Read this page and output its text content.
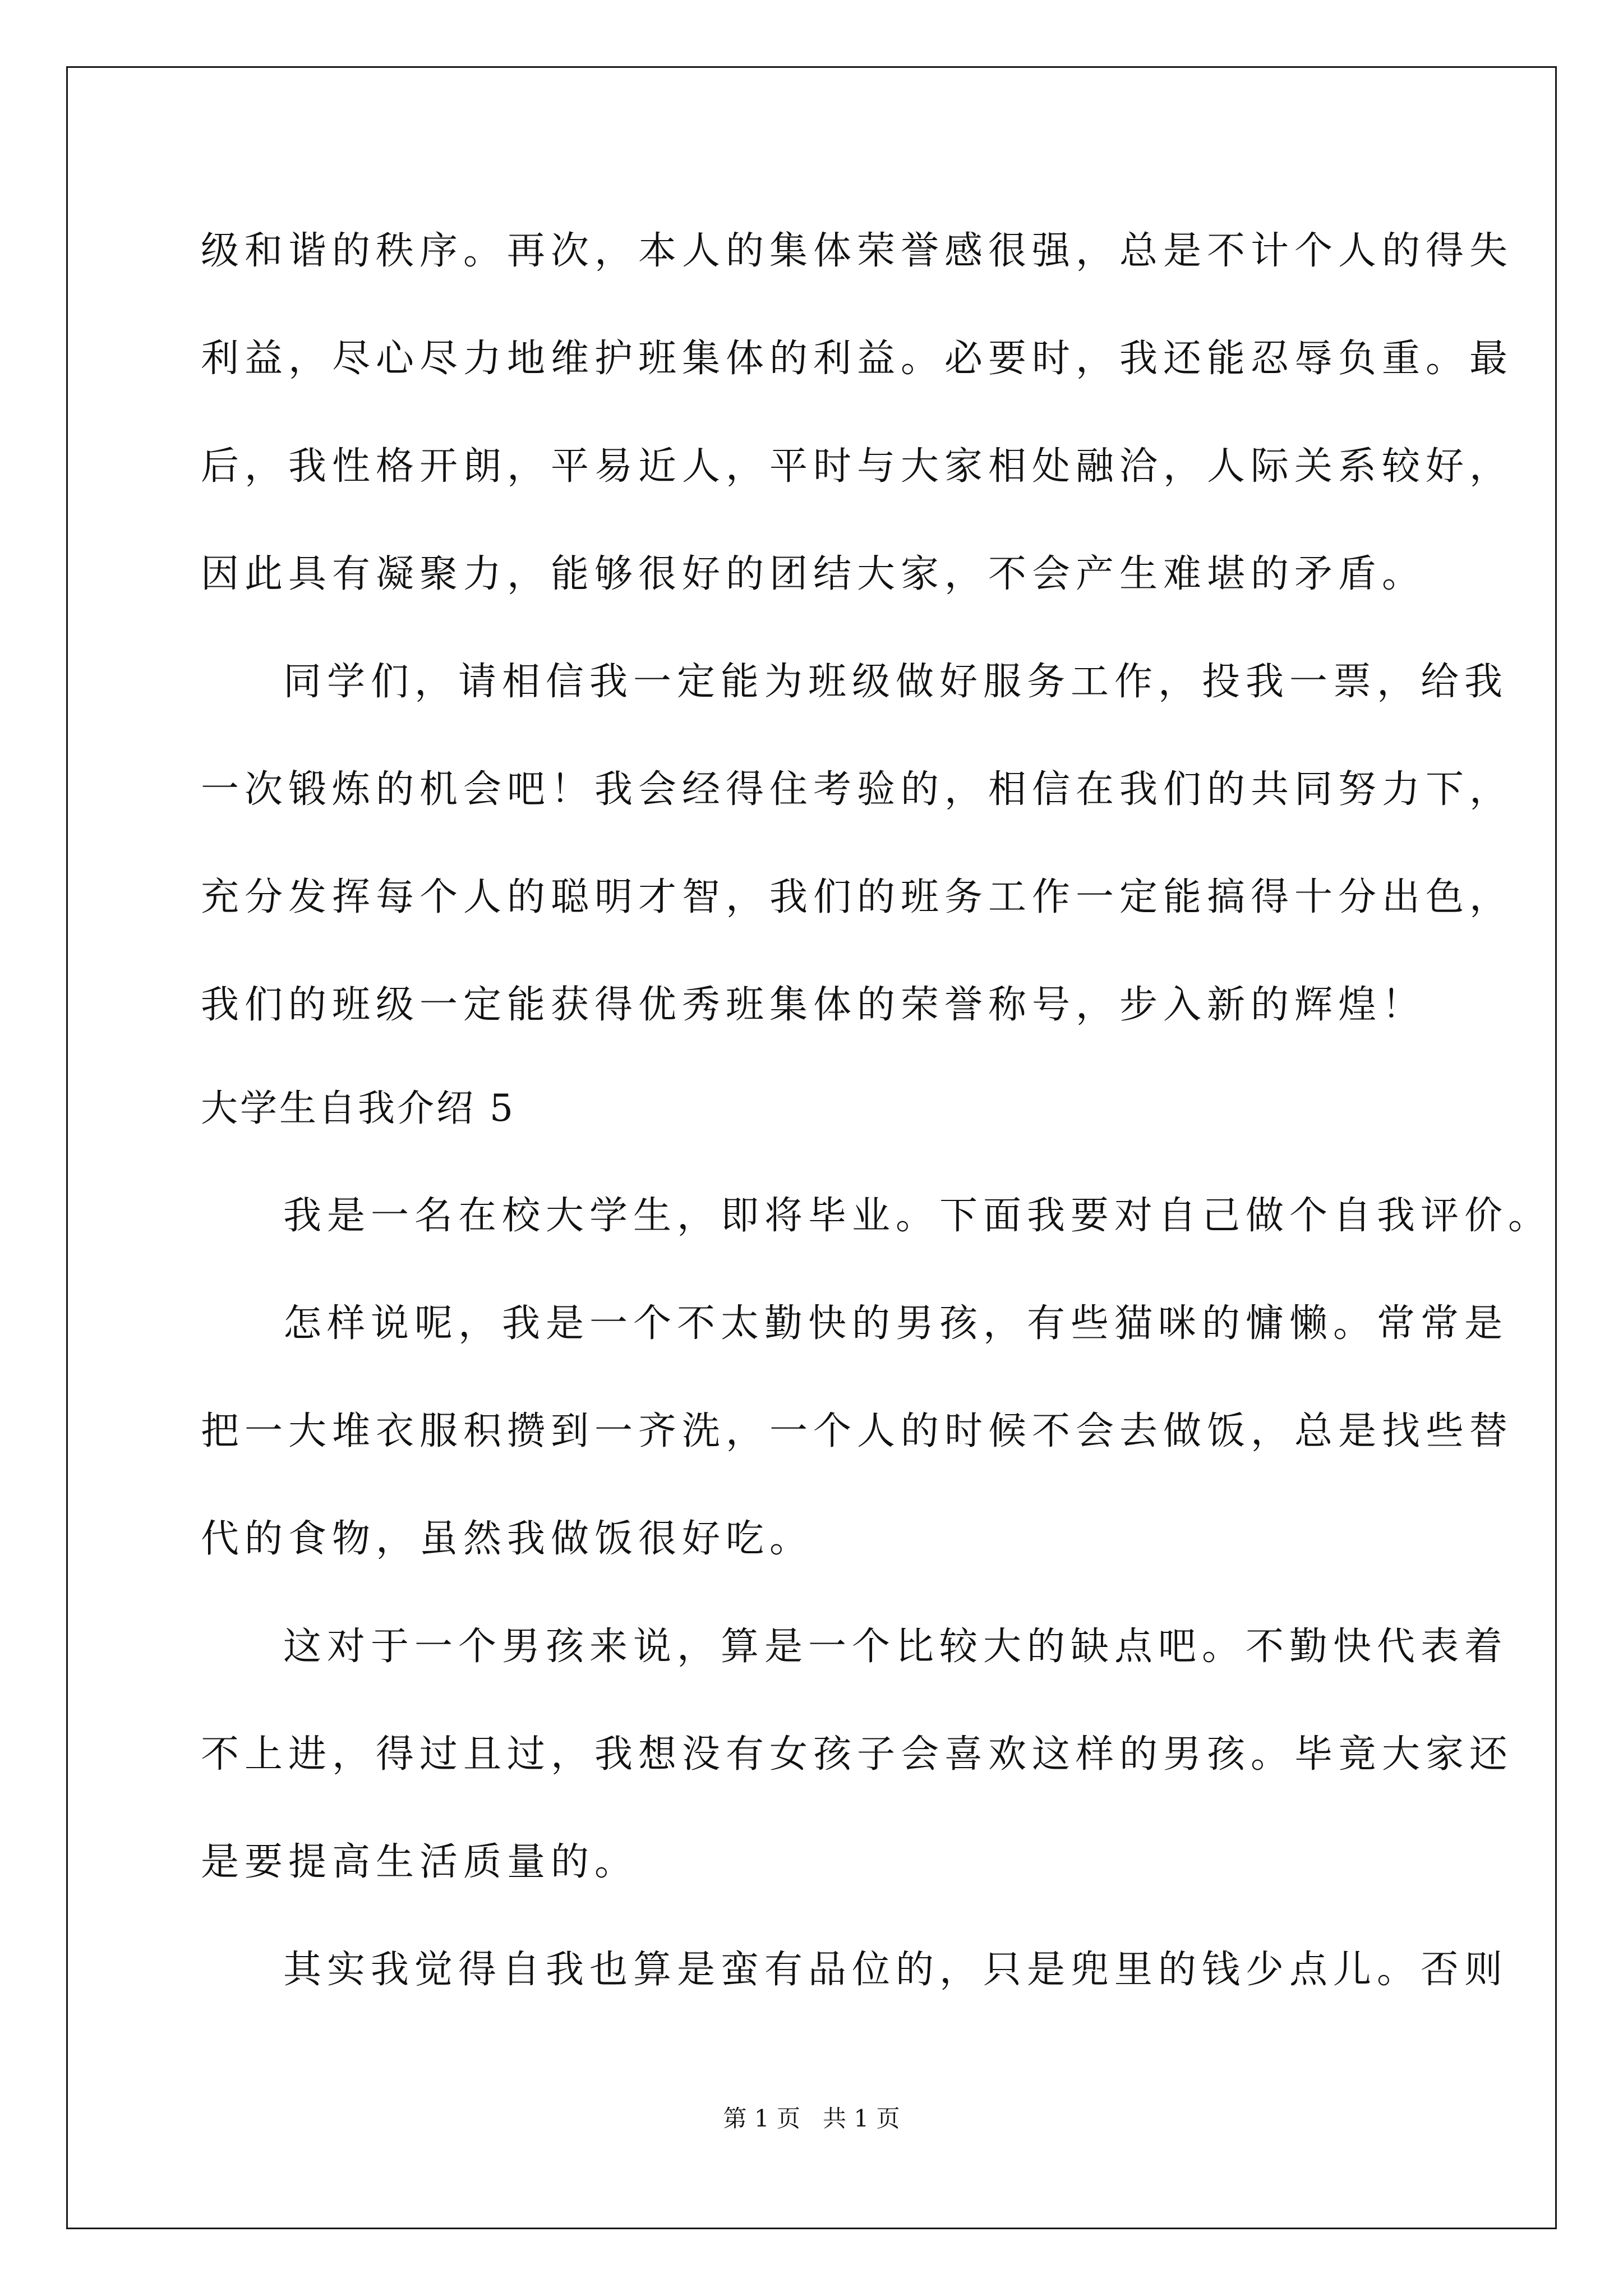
级和谐的秩序。再次，本人的集体荣誉感很强，总是不计个人的得失
利益，尽心尽力地维护班集体的利益。必要时，我还能忍辱负重。最
后，我性格开朗，平易近人，平时与大家相处融洽，人际关系较好，
因此具有凝聚力，能够很好的团结大家，不会产生难堪的矛盾。
同学们，请相信我一定能为班级做好服务工作，投我一票，给我
一次锻炼的机会吧！我会经得住考验的，相信在我们的共同努力下，
充分发挥每个人的聪明才智，我们的班务工作一定能搞得十分出色，
我们的班级一定能获得优秀班集体的荣誉称号，步入新的辉煌！
大学生自我介绍 5
我是一名在校大学生，即将毕业。下面我要对自己做个自我评价。
怎样说呢，我是一个不太勤快的男孩，有些猫咪的慵懒。常常是
把一大堆衣服积攒到一齐洗，一个人的时候不会去做饭，总是找些替
代的食物，虽然我做饭很好吃。
这对于一个男孩来说，算是一个比较大的缺点吧。不勤快代表着
不上进，得过且过，我想没有女孩子会喜欢这样的男孩。毕竟大家还
是要提高生活质量的。
其实我觉得自我也算是蛮有品位的，只是兜里的钱少点儿。否则
第 1 页   共 1 页
